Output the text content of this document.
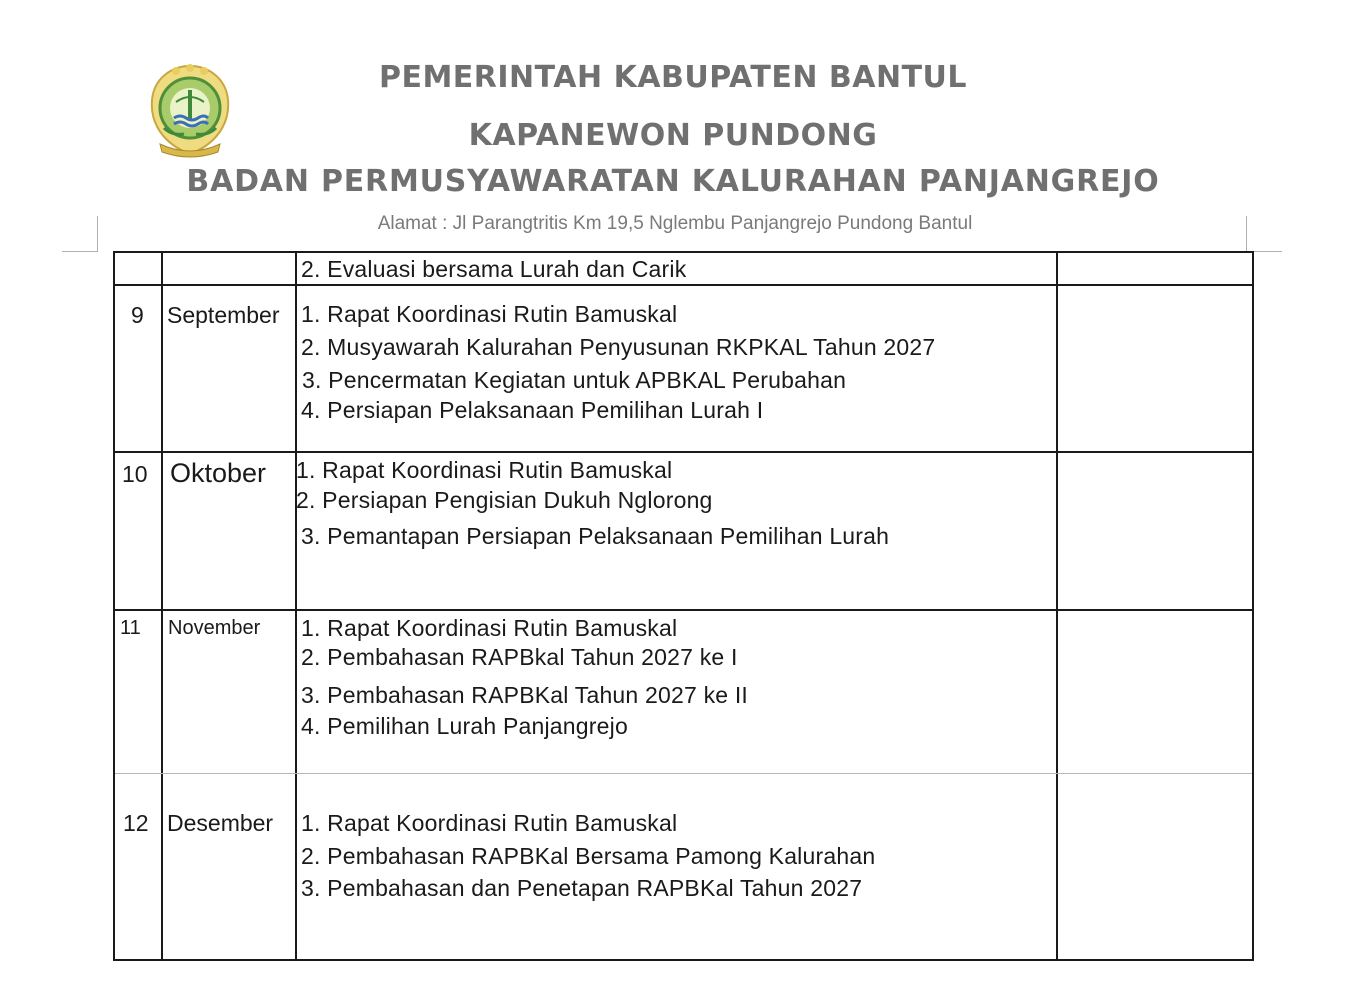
PEMERINTAH KABUPATEN BANTUL
KAPANEWON PUNDONG
BADAN PERMUSYAWARATAN KALURAHAN PANJANGREJO
Alamat : Jl Parangtritis Km 19,5 Nglembu Panjangrejo Pundong Bantul
2. Evaluasi bersama Lurah dan Carik
9 September 1. Rapat Koordinasi Rutin Bamuskal
2. Musyawarah Kalurahan Penyusunan RKPKAL Tahun 2027
3. Pencermatan Kegiatan untuk APBKAL Perubahan
4. Persiapan Pelaksanaan Pemilihan Lurah I
10 Oktober 1. Rapat Koordinasi Rutin Bamuskal
2. Persiapan Pengisian Dukuh Nglorong
3. Pemantapan Persiapan Pelaksanaan Pemilihan Lurah
11 November 1. Rapat Koordinasi Rutin Bamuskal
2. Pembahasan RAPBkal Tahun 2027 ke I
3. Pembahasan RAPBKal Tahun 2027 ke II
4. Pemilihan Lurah Panjangrejo
12 Desember 1. Rapat Koordinasi Rutin Bamuskal
2. Pembahasan RAPBKal Bersama Pamong Kalurahan
3. Pembahasan dan Penetapan RAPBKal Tahun 2027
